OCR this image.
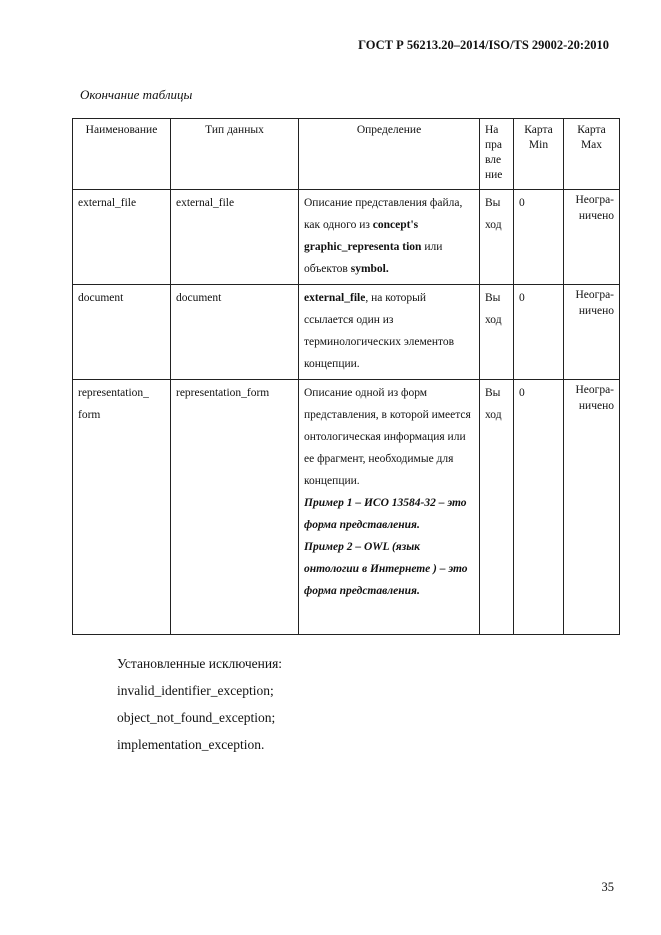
ГОСТ Р 56213.20–2014/ISO/TS 29002-20:2010
Окончание таблицы
Наименование	Тип данных	Определение	На пра вле ние	Карта Min	Карта Max
external_file	external_file	Описание представления файла, как одного из concept's graphic_representa tion или объектов symbol.	Вы ход	0	Неогра-ничено
document	document	external_file, на который ссылается один из терминологических элементов концепции.	Вы ход	0	Неогра-ничено
representation_ form	representation_form	Описание одной из форм представления, в которой имеется онтологическая информация или ее фрагмент, необходимые для концепции.
Пример 1 – ИСО 13584-32 – это форма представления.
Пример 2 – OWL (язык онтологии в Интернете ) – это форма представления.	Вы ход	0	Неогра-ничено
Установленные исключения:
invalid_identifier_exception;
object_not_found_exception;
implementation_exception.
35
